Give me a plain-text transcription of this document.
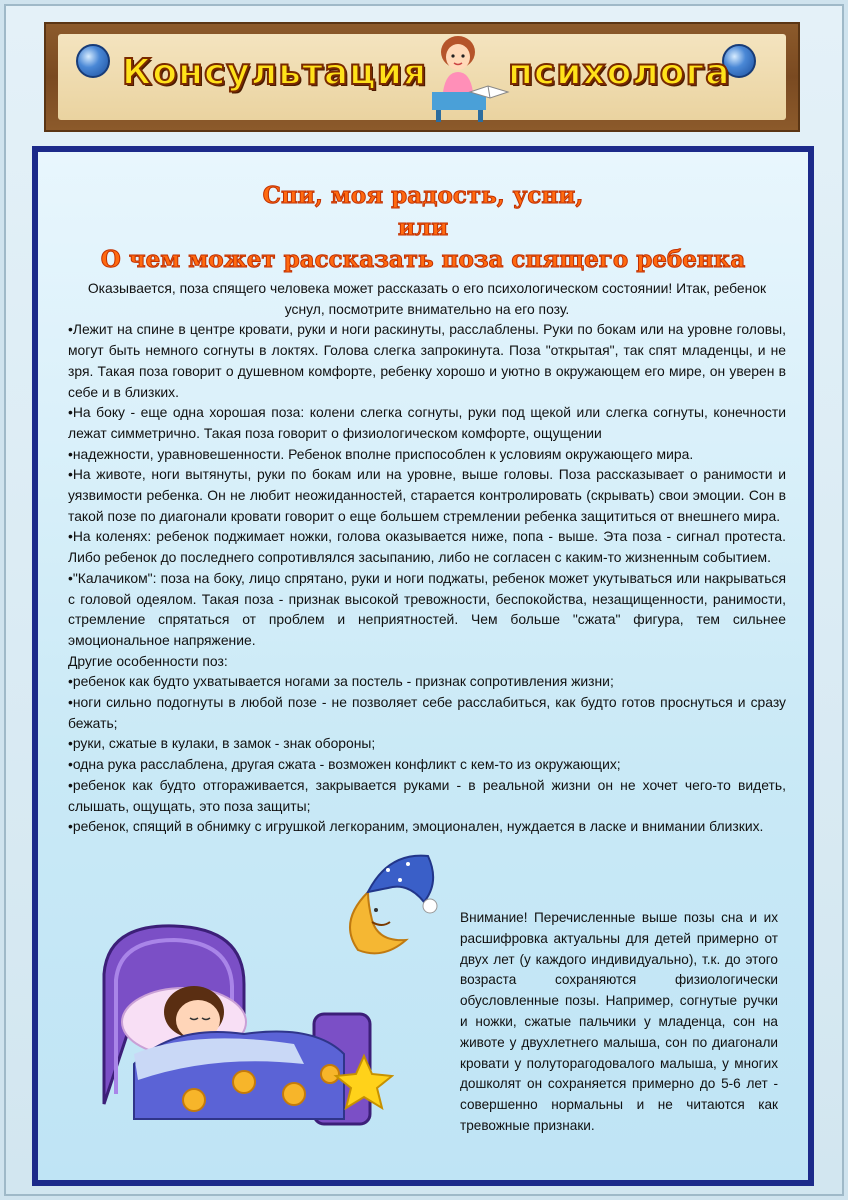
Консультация психолога
Спи, моя радость, усни,
или
О чем может рассказать поза спящего ребенка

Оказывается, поза спящего человека может рассказать о его психологическом состоянии! Итак, ребенок уснул, посмотрите внимательно на его позу.

•Лежит на спине в центре кровати, руки и ноги раскинуты, расслаблены. Руки по бокам или на уровне головы, могут быть немного согнуты в локтях. Голова слегка запрокинута. Поза "открытая", так спят младенцы, и не зря. Такая поза говорит о душевном комфорте, ребенку хорошо и уютно в окружающем его мире, он уверен в себе и в близких.

•На боку - еще одна хорошая поза: колени слегка согнуты, руки под щекой или слегка согнуты, конечности лежат симметрично. Такая поза говорит о физиологическом комфорте, ощущении

•надежности, уравновешенности. Ребенок вполне приспособлен к условиям окружающего мира.

•На животе, ноги вытянуты, руки по бокам или на уровне, выше головы. Поза рассказывает о ранимости и уязвимости ребенка. Он не любит неожиданностей, старается контролировать (скрывать) свои эмоции. Сон в такой позе по диагонали кровати говорит о еще большем стремлении ребенка защититься от внешнего мира.

•На коленях: ребенок поджимает ножки, голова оказывается ниже, попа - выше. Эта поза - сигнал протеста. Либо ребенок до последнего сопротивлялся засыпанию, либо не согласен с каким-то жизненным событием.

•"Калачиком": поза на боку, лицо спрятано, руки и ноги поджаты, ребенок может укутываться или накрываться с головой одеялом. Такая поза - признак высокой тревожности, беспокойства, незащищенности, ранимости, стремление спрятаться от проблем и неприятностей. Чем больше "сжата" фигура, тем сильнее эмоциональное напряжение.

Другие особенности поз:

•ребенок как будто ухватывается ногами за постель - признак сопротивления жизни;

•ноги сильно подогнуты в любой позе - не позволяет себе расслабиться, как будто готов проснуться и сразу бежать;

•руки, сжатые в кулаки, в замок - знак обороны;

•одна рука расслаблена, другая сжата - возможен конфликт с кем-то из окружающих;

•ребенок как будто отгораживается, закрывается руками - в реальной жизни он не хочет чего-то видеть, слышать, ощущать, это поза защиты;

•ребенок, спящий в обнимку с игрушкой легкораним, эмоционален, нуждается в ласке и внимании близких.

Внимание! Перечисленные выше позы сна и их расшифровка актуальны для детей примерно от двух лет (у каждого индивидуально), т.к. до этого возраста сохраняются физиологически обусловленные позы. Например, согнутые ручки и ножки, сжатые пальчики у младенца, сон на животе у двухлетнего малыша, сон по диагонали кровати у полуторагодовалого малыша, у многих дошколят он сохраняется примерно до 5-6 лет - совершенно нормальны и не читаются как тревожные признаки.
